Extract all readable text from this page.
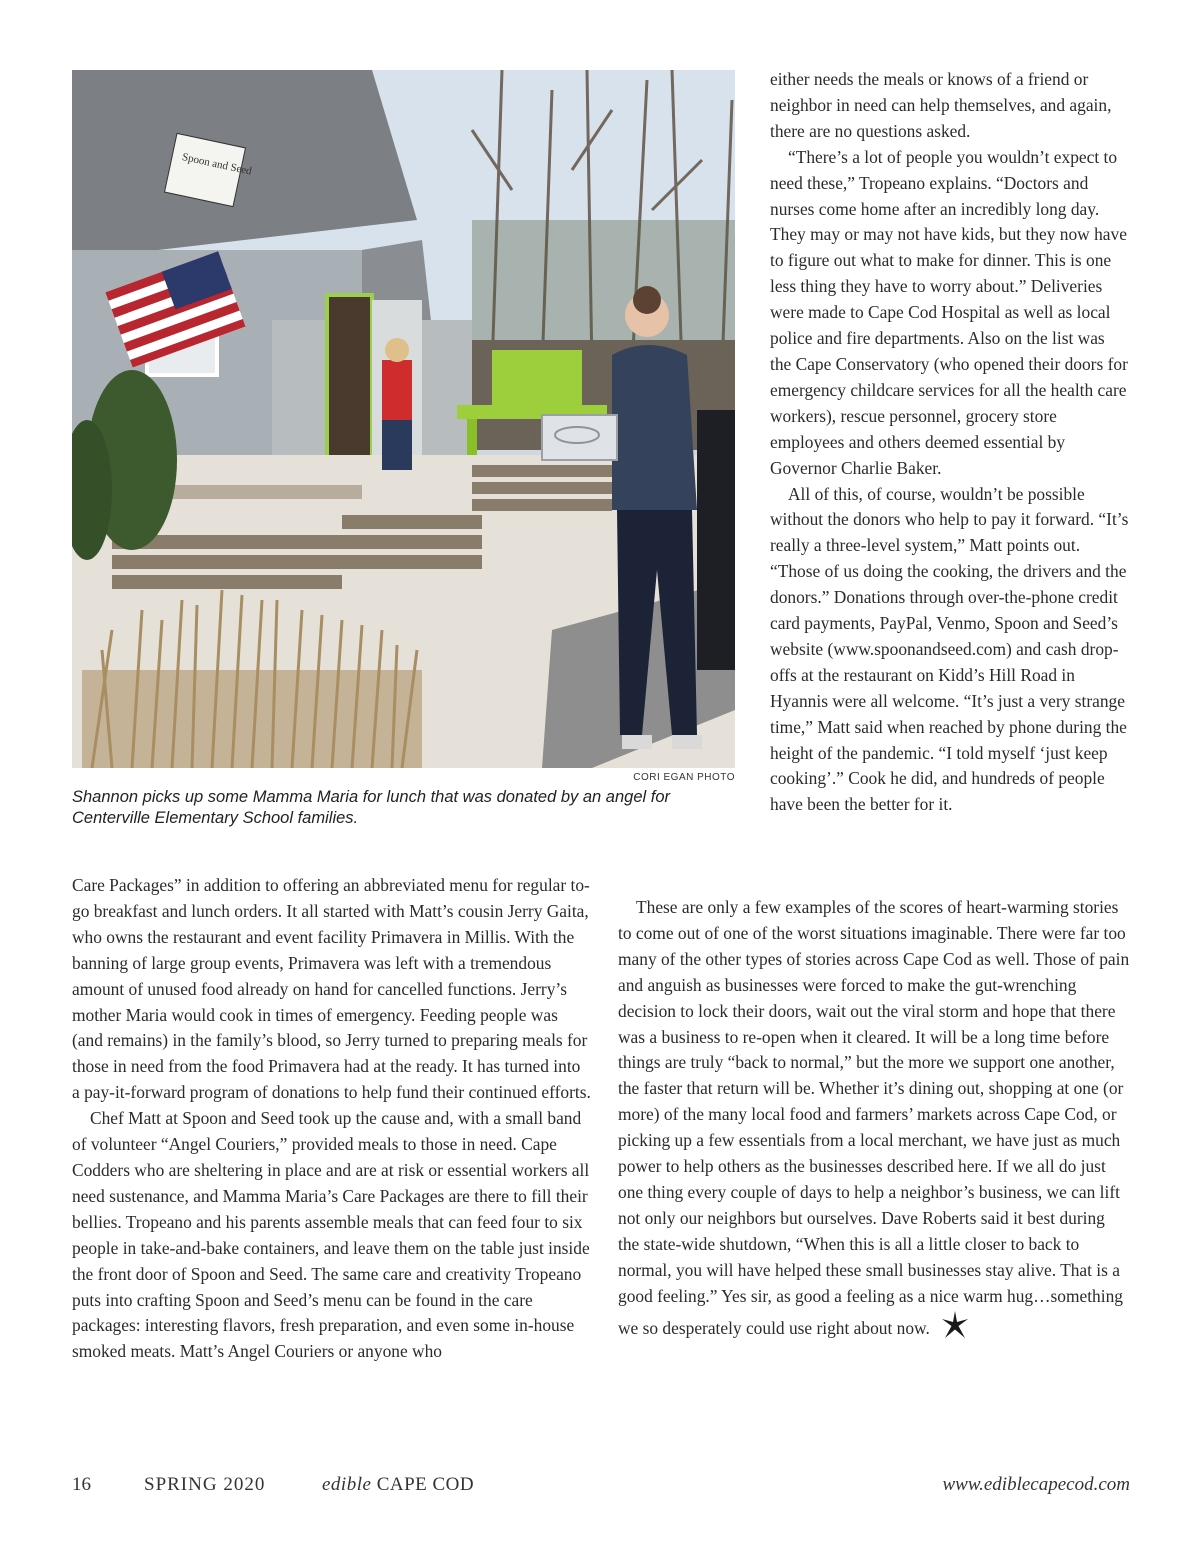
Spoon and Seed
CORI EGAN PHOTO
Shannon picks up some Mamma Maria for lunch that was donated by an angel for Centerville Elementary School families.

either needs the meals or knows of a friend or neighbor in need can help themselves, and again, there are no questions asked.

“There’s a lot of people you wouldn’t expect to need these,” Tropeano explains. “Doctors and nurses come home after an incredibly long day. They may or may not have kids, but they now have to figure out what to make for dinner. This is one less thing they have to worry about.” Deliveries were made to Cape Cod Hospital as well as local police and fire departments. Also on the list was the Cape Conservatory (who opened their doors for emergency childcare services for all the health care workers), rescue personnel, grocery store employees and others deemed essential by Governor Charlie Baker.

All of this, of course, wouldn’t be possible without the donors who help to pay it forward. “It’s really a three-level system,” Matt points out. “Those of us doing the cooking, the drivers and the donors.” Donations through over-the-phone credit card payments, PayPal, Venmo, Spoon and Seed’s website (www.spoonandseed.com) and cash drop-offs at the restaurant on Kidd’s Hill Road in Hyannis were all welcome. “It’s just a very strange time,” Matt said when reached by phone during the height of the pandemic. “I told myself ‘just keep cooking’.” Cook he did, and hundreds of people have been the better for it.

Care Packages” in addition to offering an abbreviated menu for regular to-go breakfast and lunch orders. It all started with Matt’s cousin Jerry Gaita, who owns the restaurant and event facility Primavera in Millis. With the banning of large group events, Primavera was left with a tremendous amount of unused food already on hand for cancelled functions. Jerry’s mother Maria would cook in times of emergency. Feeding people was (and remains) in the family’s blood, so Jerry turned to preparing meals for those in need from the food Primavera had at the ready. It has turned into a pay-it-forward program of donations to help fund their continued efforts.

Chef Matt at Spoon and Seed took up the cause and, with a small band of volunteer “Angel Couriers,” provided meals to those in need. Cape Codders who are sheltering in place and are at risk or essential workers all need sustenance, and Mamma Maria’s Care Packages are there to fill their bellies. Tropeano and his parents assemble meals that can feed four to six people in take-and-bake containers, and leave them on the table just inside the front door of Spoon and Seed. The same care and creativity Tropeano puts into crafting Spoon and Seed’s menu can be found in the care packages: interesting flavors, fresh preparation, and even some in-house smoked meats. Matt’s Angel Couriers or anyone who

These are only a few examples of the scores of heart-warming stories to come out of one of the worst situations imaginable. There were far too many of the other types of stories across Cape Cod as well. Those of pain and anguish as businesses were forced to make the gut-wrenching decision to lock their doors, wait out the viral storm and hope that there was a business to re-open when it cleared. It will be a long time before things are truly “back to normal,” but the more we support one another, the faster that return will be. Whether it’s dining out, shopping at one (or more) of the many local food and farmers’ markets across Cape Cod, or picking up a few essentials from a local merchant, we have just as much power to help others as the businesses described here. If we all do just one thing every couple of days to help a neighbor’s business, we can lift not only our neighbors but ourselves. Dave Roberts said it best during the state-wide shutdown, “When this is all a little closer to back to normal, you will have helped these small businesses stay alive. That is a good feeling.” Yes sir, as good a feeling as a nice warm hug…something we so desperately could use right about now.

16	SPRING 2020	edible CAPE COD	www.ediblecapecod.com
